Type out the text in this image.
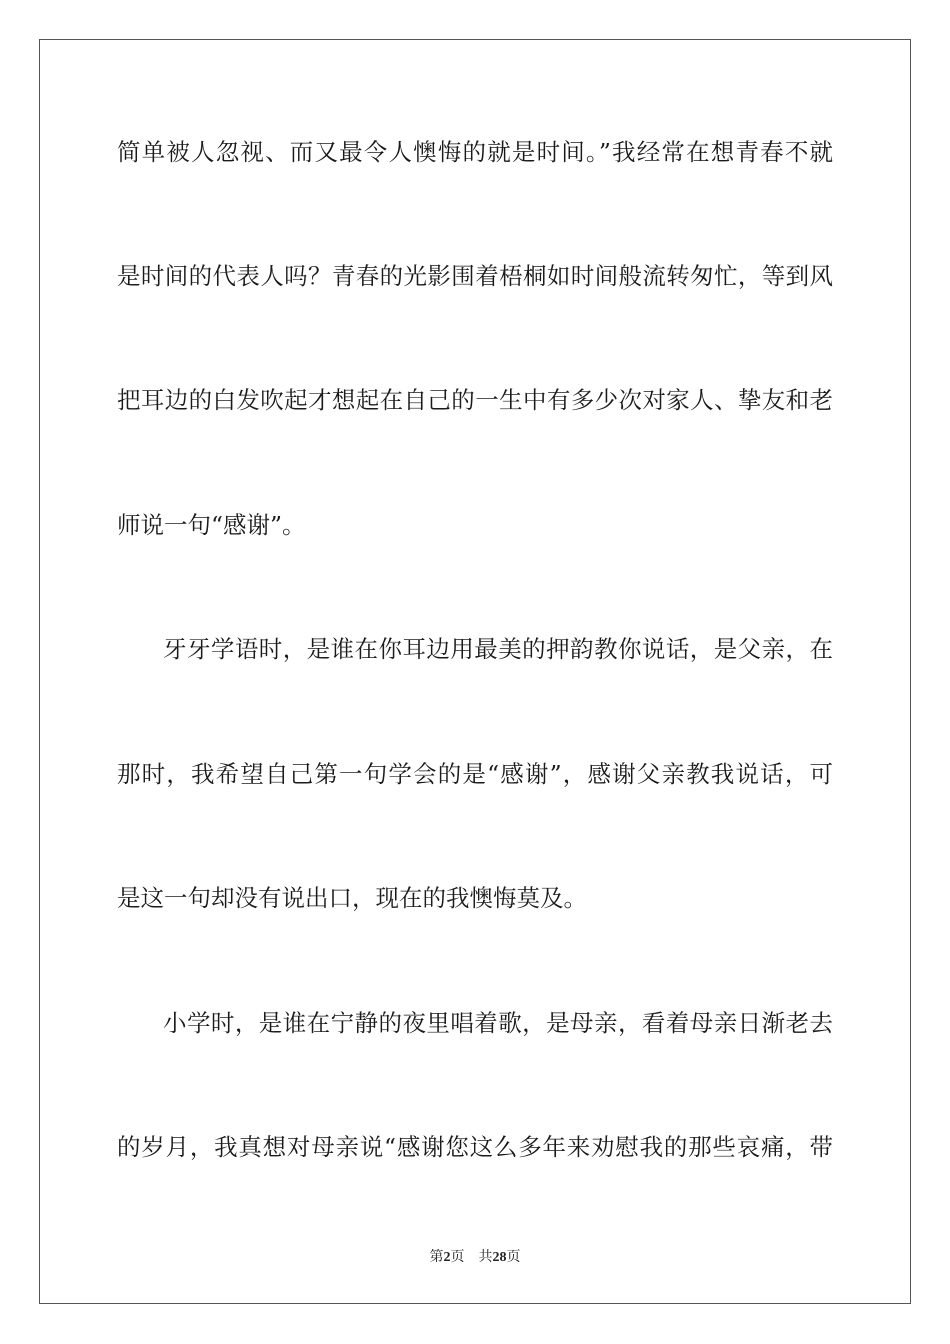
简单被人忽视、而又最令人懊悔的就是时间。”我经常在想青春不就
是时间的代表人吗？青春的光影围着梧桐如时间般流转匆忙，等到风
把耳边的白发吹起才想起在自己的一生中有多少次对家人、挚友和老
师说一句“感谢”。
牙牙学语时，是谁在你耳边用最美的押韵教你说话，是父亲，在
那时，我希望自己第一句学会的是“感谢”，感谢父亲教我说话，可
是这一句却没有说出口，现在的我懊悔莫及。
小学时，是谁在宁静的夜里唱着歌，是母亲，看着母亲日渐老去
的岁月，我真想对母亲说“感谢您这么多年来劝慰我的那些哀痛，带
第2页 共28页
